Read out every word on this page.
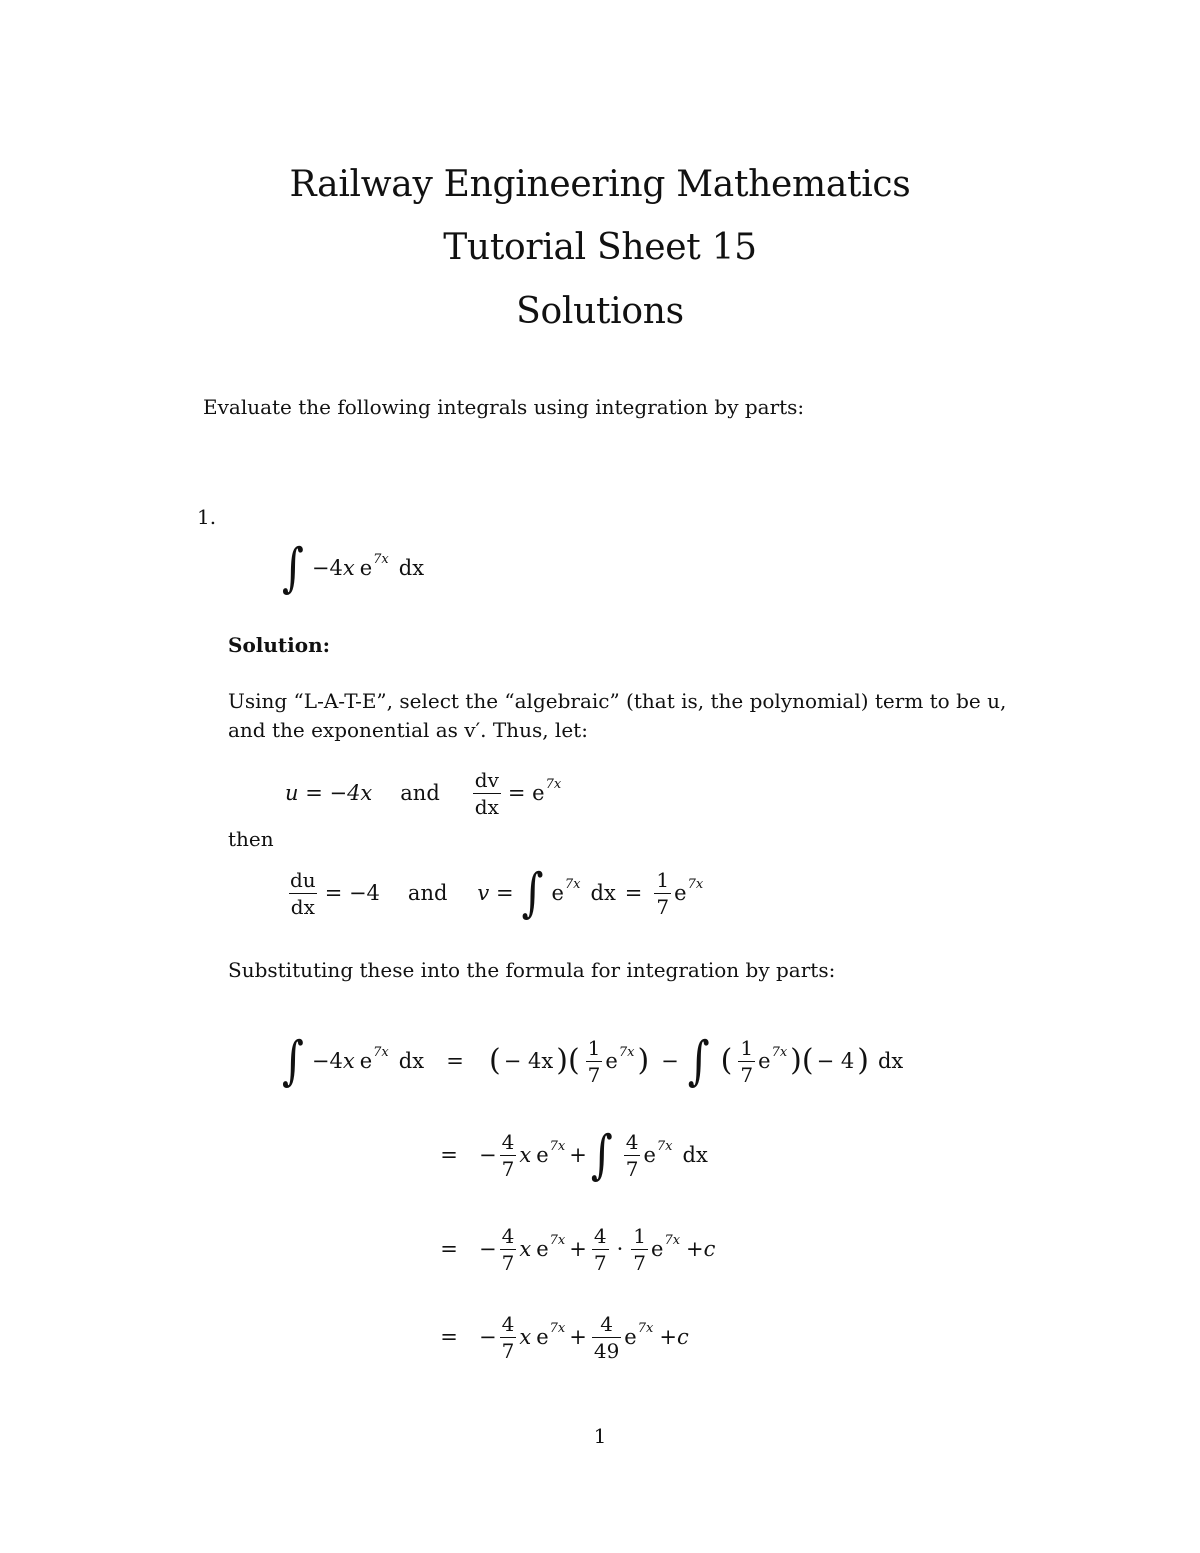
Railway Engineering Mathematics
Tutorial Sheet 15
Solutions
Evaluate the following integrals using integration by parts:
1.
∫ −4 x $e^{7x}$ dx
Solution:
Using “L-A-T-E”, select the “algebraic” (that is, the polynomial) term to be u,
and the exponential as v′. Thus, let:
u = −4x and $\frac{dv}{dx} = e^{7x}$
then
$\frac{du}{dx} = -4$ and v = ∫ $e^{7x}$ dx = $\frac{1}{7} e^{7x}$
Substituting these into the formula for integration by parts:
∫ −4 x $e^{7x}$ dx	= ( − 4x )( $\frac{1}{7} e^{7x}$ ) − ∫ ( $\frac{1}{7} e^{7x}$ )( − 4 ) dx
= − $\frac{4}{7}$ x $e^{7x}$ + ∫ $\frac{4}{7} e^{7x}$ dx
= − $\frac{4}{7}$ x $e^{7x} + \frac{4}{7} \cdot \frac{1}{7} e^{7x} +c$
= − $\frac{4}{7}$ x $e^{7x} + \frac{4}{49} e^{7x} +c$
1
